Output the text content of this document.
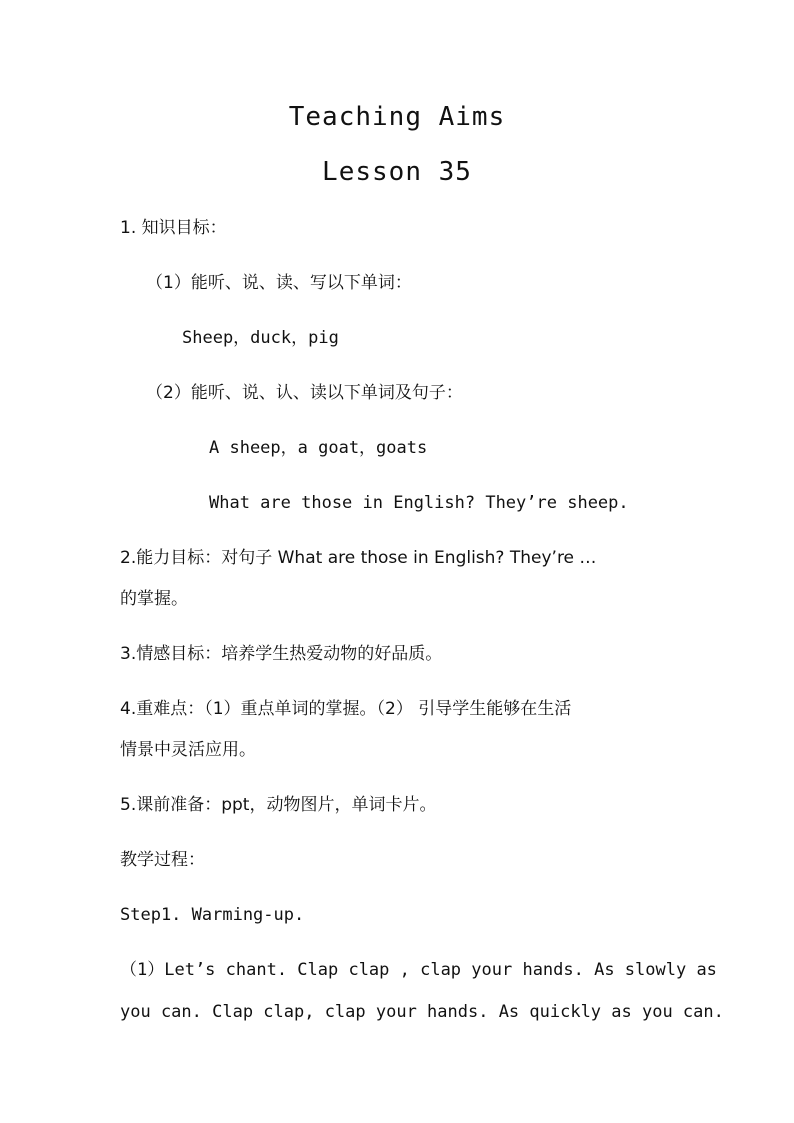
Teaching Aims
Lesson 35
1. 知识目标：
（1）能听、说、读、写以下单词：
Sheep，duck，pig
（2）能听、说、认、读以下单词及句子：
A sheep，a goat，goats
What are those in English? They’re sheep.
2.能力目标：对句子 What are those in English? They’re …
的掌握。
3.情感目标：培养学生热爱动物的好品质。
4.重难点：（1）重点单词的掌握。（2） 引导学生能够在生活
情景中灵活应用。
5.课前准备：ppt，动物图片，单词卡片。
教学过程：
Step1. Warming-up.
（1）Let’s chant. Clap clap , clap your hands. As slowly as
you can. Clap clap, clap your hands. As quickly as you can.
